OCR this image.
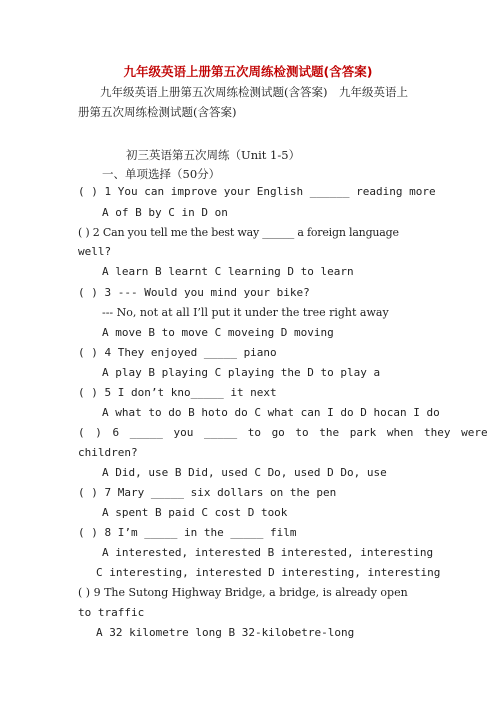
九年级英语上册第五次周练检测试题(含答案)
九年级英语上册第五次周练检测试题(含答案)　九年级英语上
册第五次周练检测试题(含答案)
初三英语第五次周练（Unit 1-5）
一、单项选择（50分）
( ) 1 You can improve your English ______ reading more
A of B by C in D on
( ) 2 Can you tell me the best way ______ a foreign language
well?
A learn B learnt C learning D to learn
( ) 3 --- Would you mind your bike?
--- No, not at all I’ll put it under the tree right away
A move B to move C moveing D moving
( ) 4 They enjoyed _____ piano
A play B playing C playing the D to play a
( ) 5 I don’t kno_____ it next
A what to do B hoto do C what can I do D hocan I do
( ) 6 _____ you _____ to go to the park when they were
children?
A Did, use B Did, used C Do, used D Do, use
( ) 7 Mary _____ six dollars on the pen
A spent B paid C cost D took
( ) 8 I’m _____ in the _____ film
A interested, interested B interested, interesting
C interesting, interested D interesting, interesting
( ) 9 The Sutong Highway Bridge, a bridge, is already open
to traffic
A 32 kilometre long B 32-kilobetre-long
